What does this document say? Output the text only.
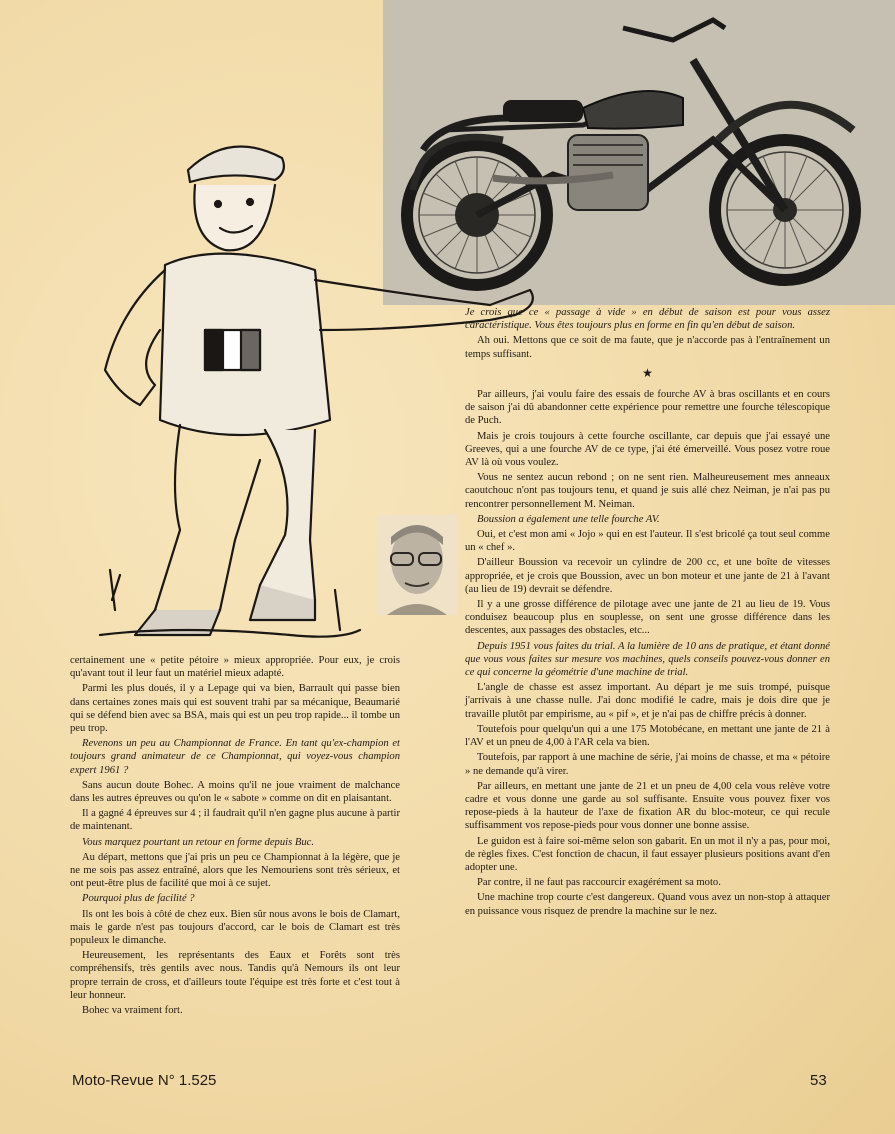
Je crois que ce « passage à vide » en début de saison est pour vous assez caractéristique. Vous êtes toujours plus en forme en fin qu'en début de saison.

Ah oui. Mettons que ce soit de ma faute, que je n'accorde pas à l'entraînement un temps suffisant.

★

Par ailleurs, j'ai voulu faire des essais de fourche AV à bras oscillants et en cours de saison j'ai dû abandonner cette expérience pour remettre une fourche télescopique de Puch.

Mais je crois toujours à cette fourche oscillante, car depuis que j'ai essayé une Greeves, qui a une fourche AV de ce type, j'ai été émerveillé. Vous posez votre roue AV là où vous voulez.

Vous ne sentez aucun rebond ; on ne sent rien. Malheureusement mes anneaux caoutchouc n'ont pas toujours tenu, et quand je suis allé chez Neiman, je n'ai pas pu rencontrer personnellement M. Neiman.

Boussion a également une telle fourche AV.

Oui, et c'est mon ami « Jojo » qui en est l'auteur. Il s'est bricolé ça tout seul comme un « chef ».

D'ailleur Boussion va recevoir un cylindre de 200 cc, et une boîte de vitesses appropriée, et je crois que Boussion, avec un bon moteur et une jante de 21 à l'avant (au lieu de 19) devrait se défendre.

Il y a une grosse différence de pilotage avec une jante de 21 au lieu de 19. Vous conduisez beaucoup plus en souplesse, on sent une grosse différence dans les descentes, aux passages des obstacles, etc...

Depuis 1951 vous faites du trial. A la lumière de 10 ans de pratique, et étant donné que vous vous faites sur mesure vos machines, quels conseils pouvez-vous donner en ce qui concerne la géométrie d'une machine de trial.

L'angle de chasse est assez important. Au départ je me suis trompé, puisque j'arrivais à une chasse nulle. J'ai donc modifié le cadre, mais je dois dire que je travaille plutôt par empirisme, au « pif », et je n'ai pas de chiffre précis à donner.

Toutefois pour quelqu'un qui a une 175 Motobécane, en mettant une jante de 21 à l'AV et un pneu de 4,00 à l'AR cela va bien.

Toutefois, par rapport à une machine de série, j'ai moins de chasse, et ma « pétoire » ne demande qu'à virer.

Par ailleurs, en mettant une jante de 21 et un pneu de 4,00 cela vous relève votre cadre et vous donne une garde au sol suffisante. Ensuite vous pouvez fixer vos repose-pieds à la hauteur de l'axe de fixation AR du bloc-moteur, ce qui recule suffisamment vos repose-pieds pour vous donner une bonne assise.

Le guidon est à faire soi-même selon son gabarit. En un mot il n'y a pas, pour moi, de règles fixes. C'est fonction de chacun, il faut essayer plusieurs positions avant d'en adopter une.

Par contre, il ne faut pas raccourcir exagérément sa moto.

Une machine trop courte c'est dangereux. Quand vous avez un non-stop à attaquer en puissance vous risquez de prendre la machine sur le nez.

certainement une « petite pétoire » mieux appropriée. Pour eux, je crois qu'avant tout il leur faut un matériel mieux adapté.

Parmi les plus doués, il y a Lepage qui va bien, Barrault qui passe bien dans certaines zones mais qui est souvent trahi par sa mécanique, Beaumarié qui se défend bien avec sa BSA, mais qui est un peu trop rapide... il tombe un peu trop.

Revenons un peu au Championnat de France. En tant qu'ex-champion et toujours grand animateur de ce Championnat, qui voyez-vous champion expert 1961 ?

Sans aucun doute Bohec. A moins qu'il ne joue vraiment de malchance dans les autres épreuves ou qu'on le « sabote » comme on dit en plaisantant.

Il a gagné 4 épreuves sur 4 ; il faudrait qu'il n'en gagne plus aucune à partir de maintenant.

Vous marquez pourtant un retour en forme depuis Buc.

Au départ, mettons que j'ai pris un peu ce Championnat à la légère, que je ne me sois pas assez entraîné, alors que les Nemouriens sont très sérieux, et ont peut-être plus de facilité que moi à ce sujet.

Pourquoi plus de facilité ?

Ils ont les bois à côté de chez eux. Bien sûr nous avons le bois de Clamart, mais le garde n'est pas toujours d'accord, car le bois de Clamart est très populeux le dimanche.

Heureusement, les représentants des Eaux et Forêts sont très compréhensifs, très gentils avec nous. Tandis qu'à Nemours ils ont leur propre terrain de cross, et d'ailleurs toute l'équipe est très forte et c'est tout à leur honneur.

Bohec va vraiment fort.

Moto-Revue N° 1.525	53
